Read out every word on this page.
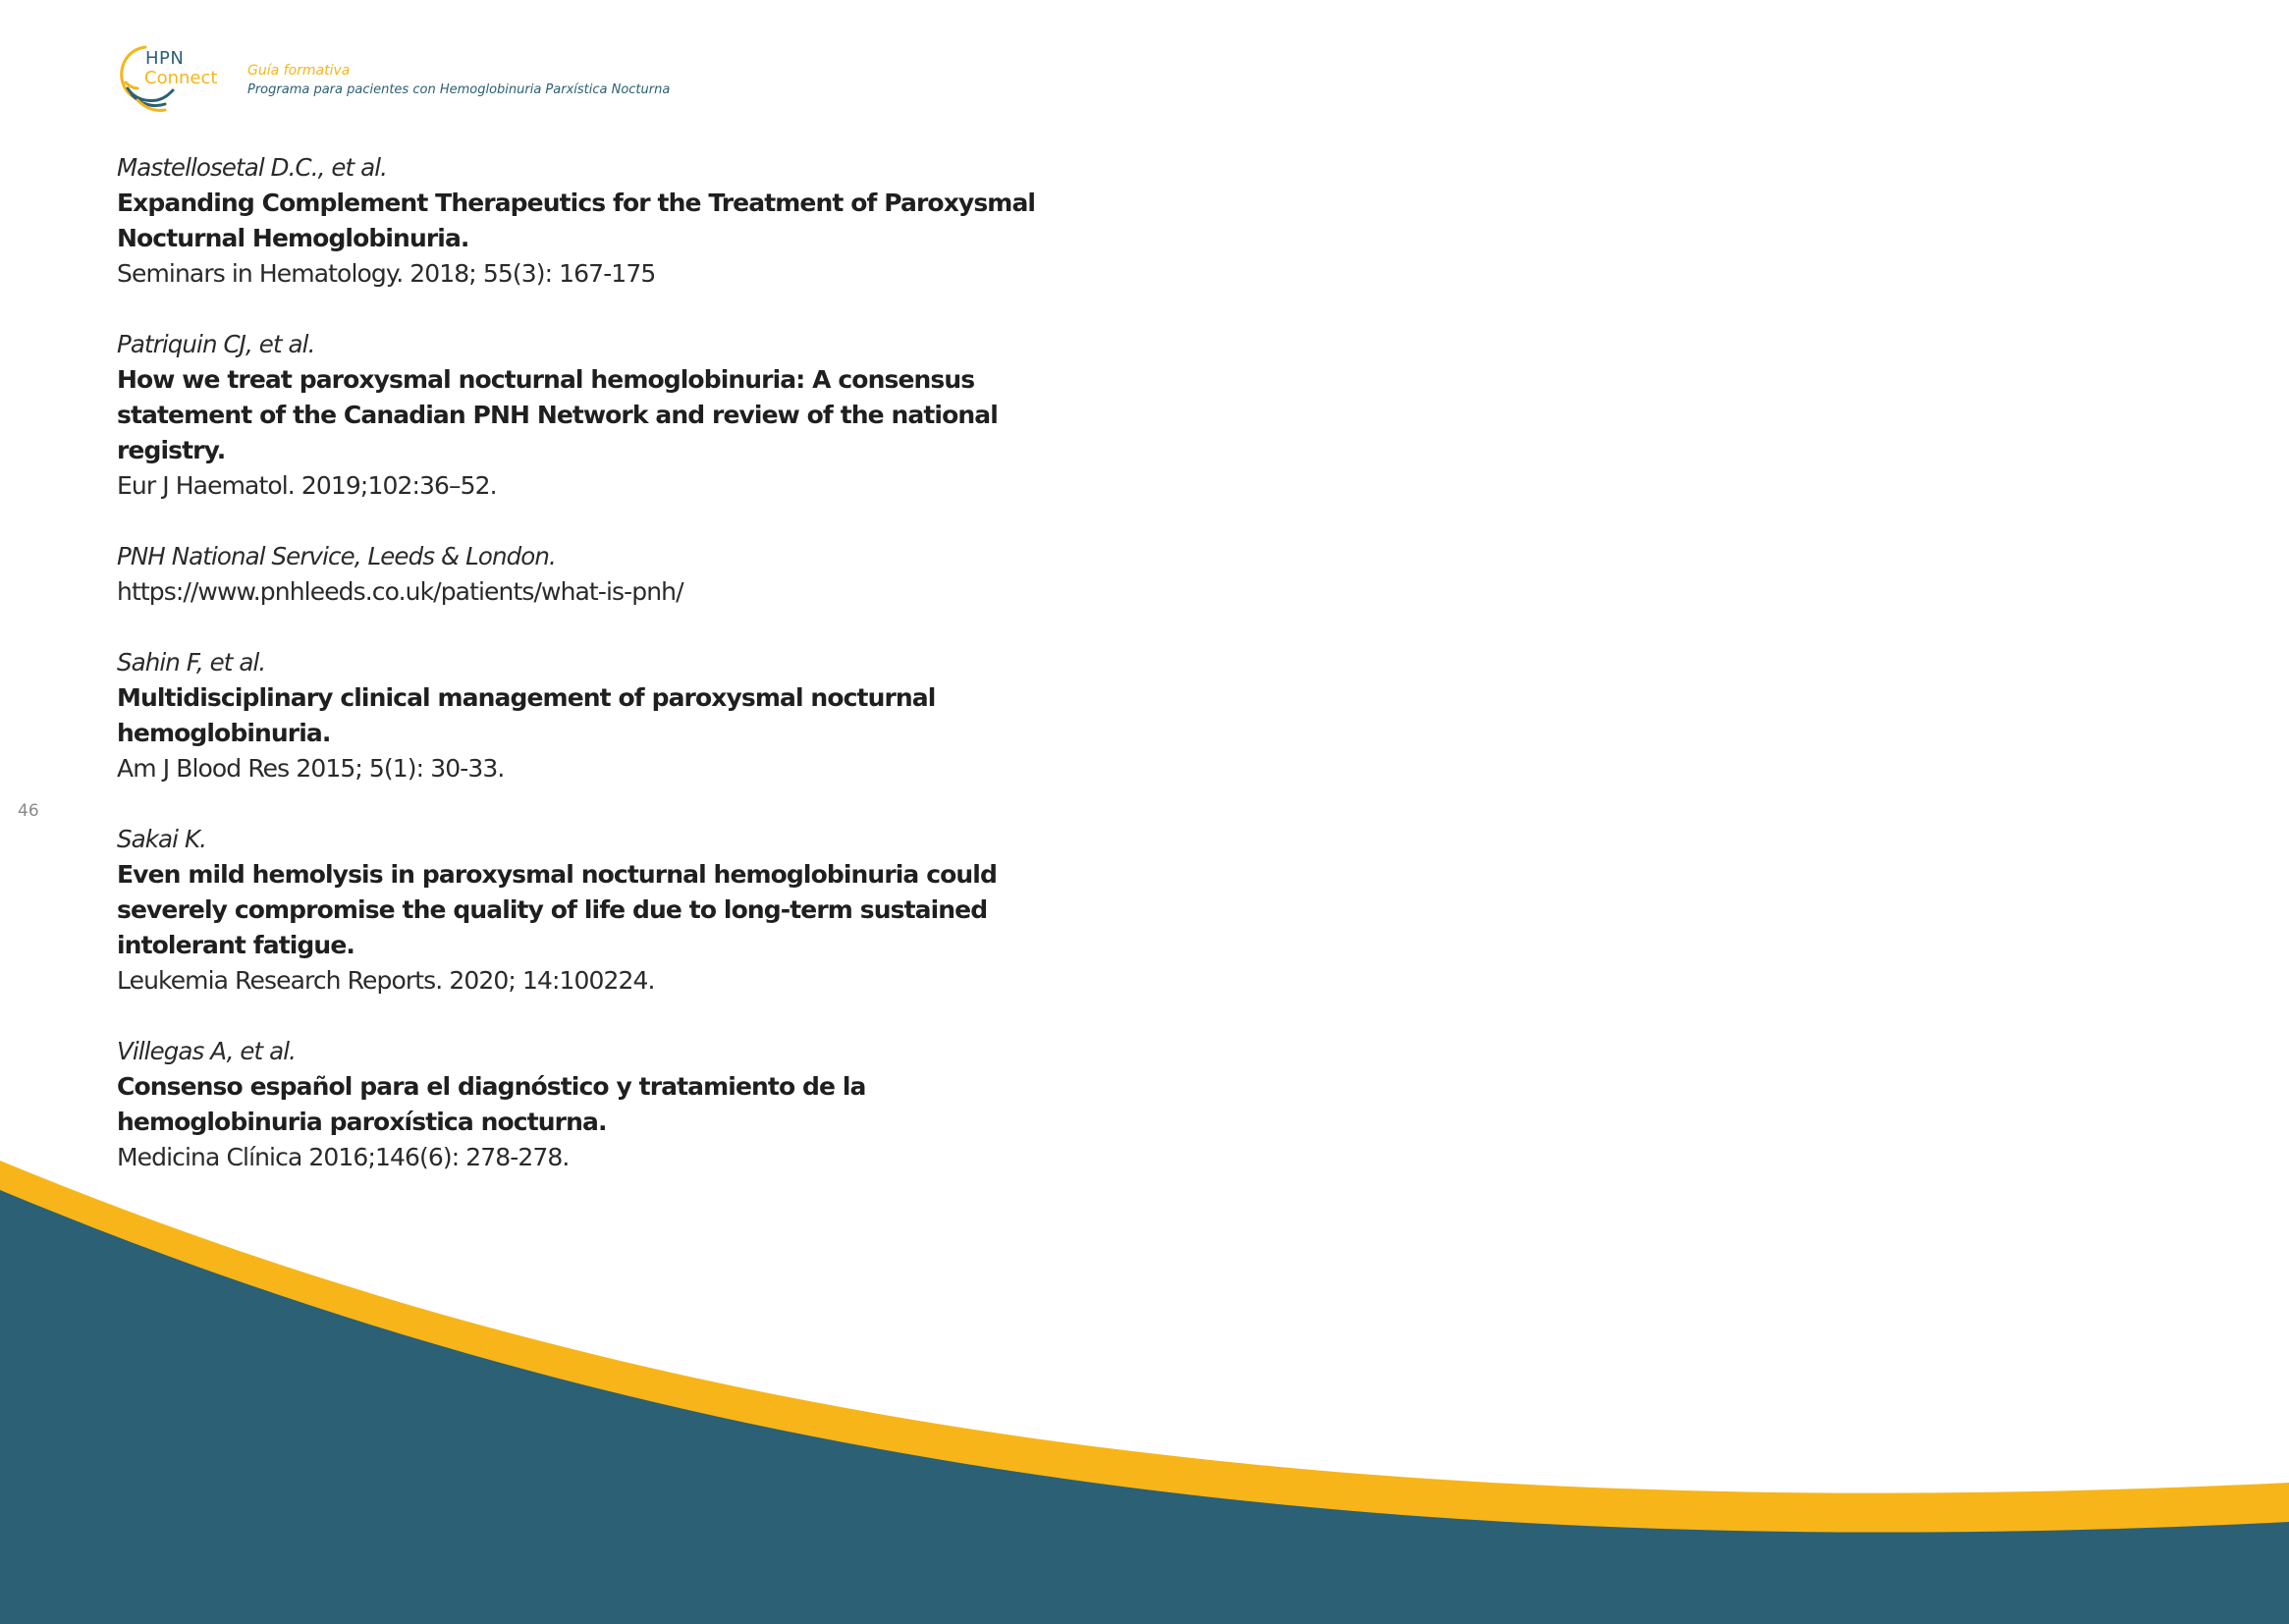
HPN
Connect Guía formativa
Programa para pacientes con Hemoglobinuria Parxística Nocturna
46
Mastellosetal D.C., et al.
Expanding Complement Therapeutics for the Treatment of Paroxysmal Nocturnal Hemoglobinuria.
Seminars in Hematology. 2018; 55(3): 167-175
Patriquin CJ, et al.
How we treat paroxysmal nocturnal hemoglobinuria: A consensus statement of the Canadian PNH Network and review of the national registry.
Eur J Haematol. 2019;102:36–52.
PNH National Service, Leeds & London.
https://www.pnhleeds.co.uk/patients/what-is-pnh/
Sahin F, et al.
Multidisciplinary clinical management of paroxysmal nocturnal hemoglobinuria.
Am J Blood Res 2015; 5(1): 30-33.
Sakai K.
Even mild hemolysis in paroxysmal nocturnal hemoglobinuria could severely compromise the quality of life due to long-term sustained intolerant fatigue.
Leukemia Research Reports. 2020; 14:100224.
Villegas A, et al.
Consenso español para el diagnóstico y tratamiento de la hemoglobinuria paroxística nocturna.
Medicina Clínica 2016;146(6): 278-278.
